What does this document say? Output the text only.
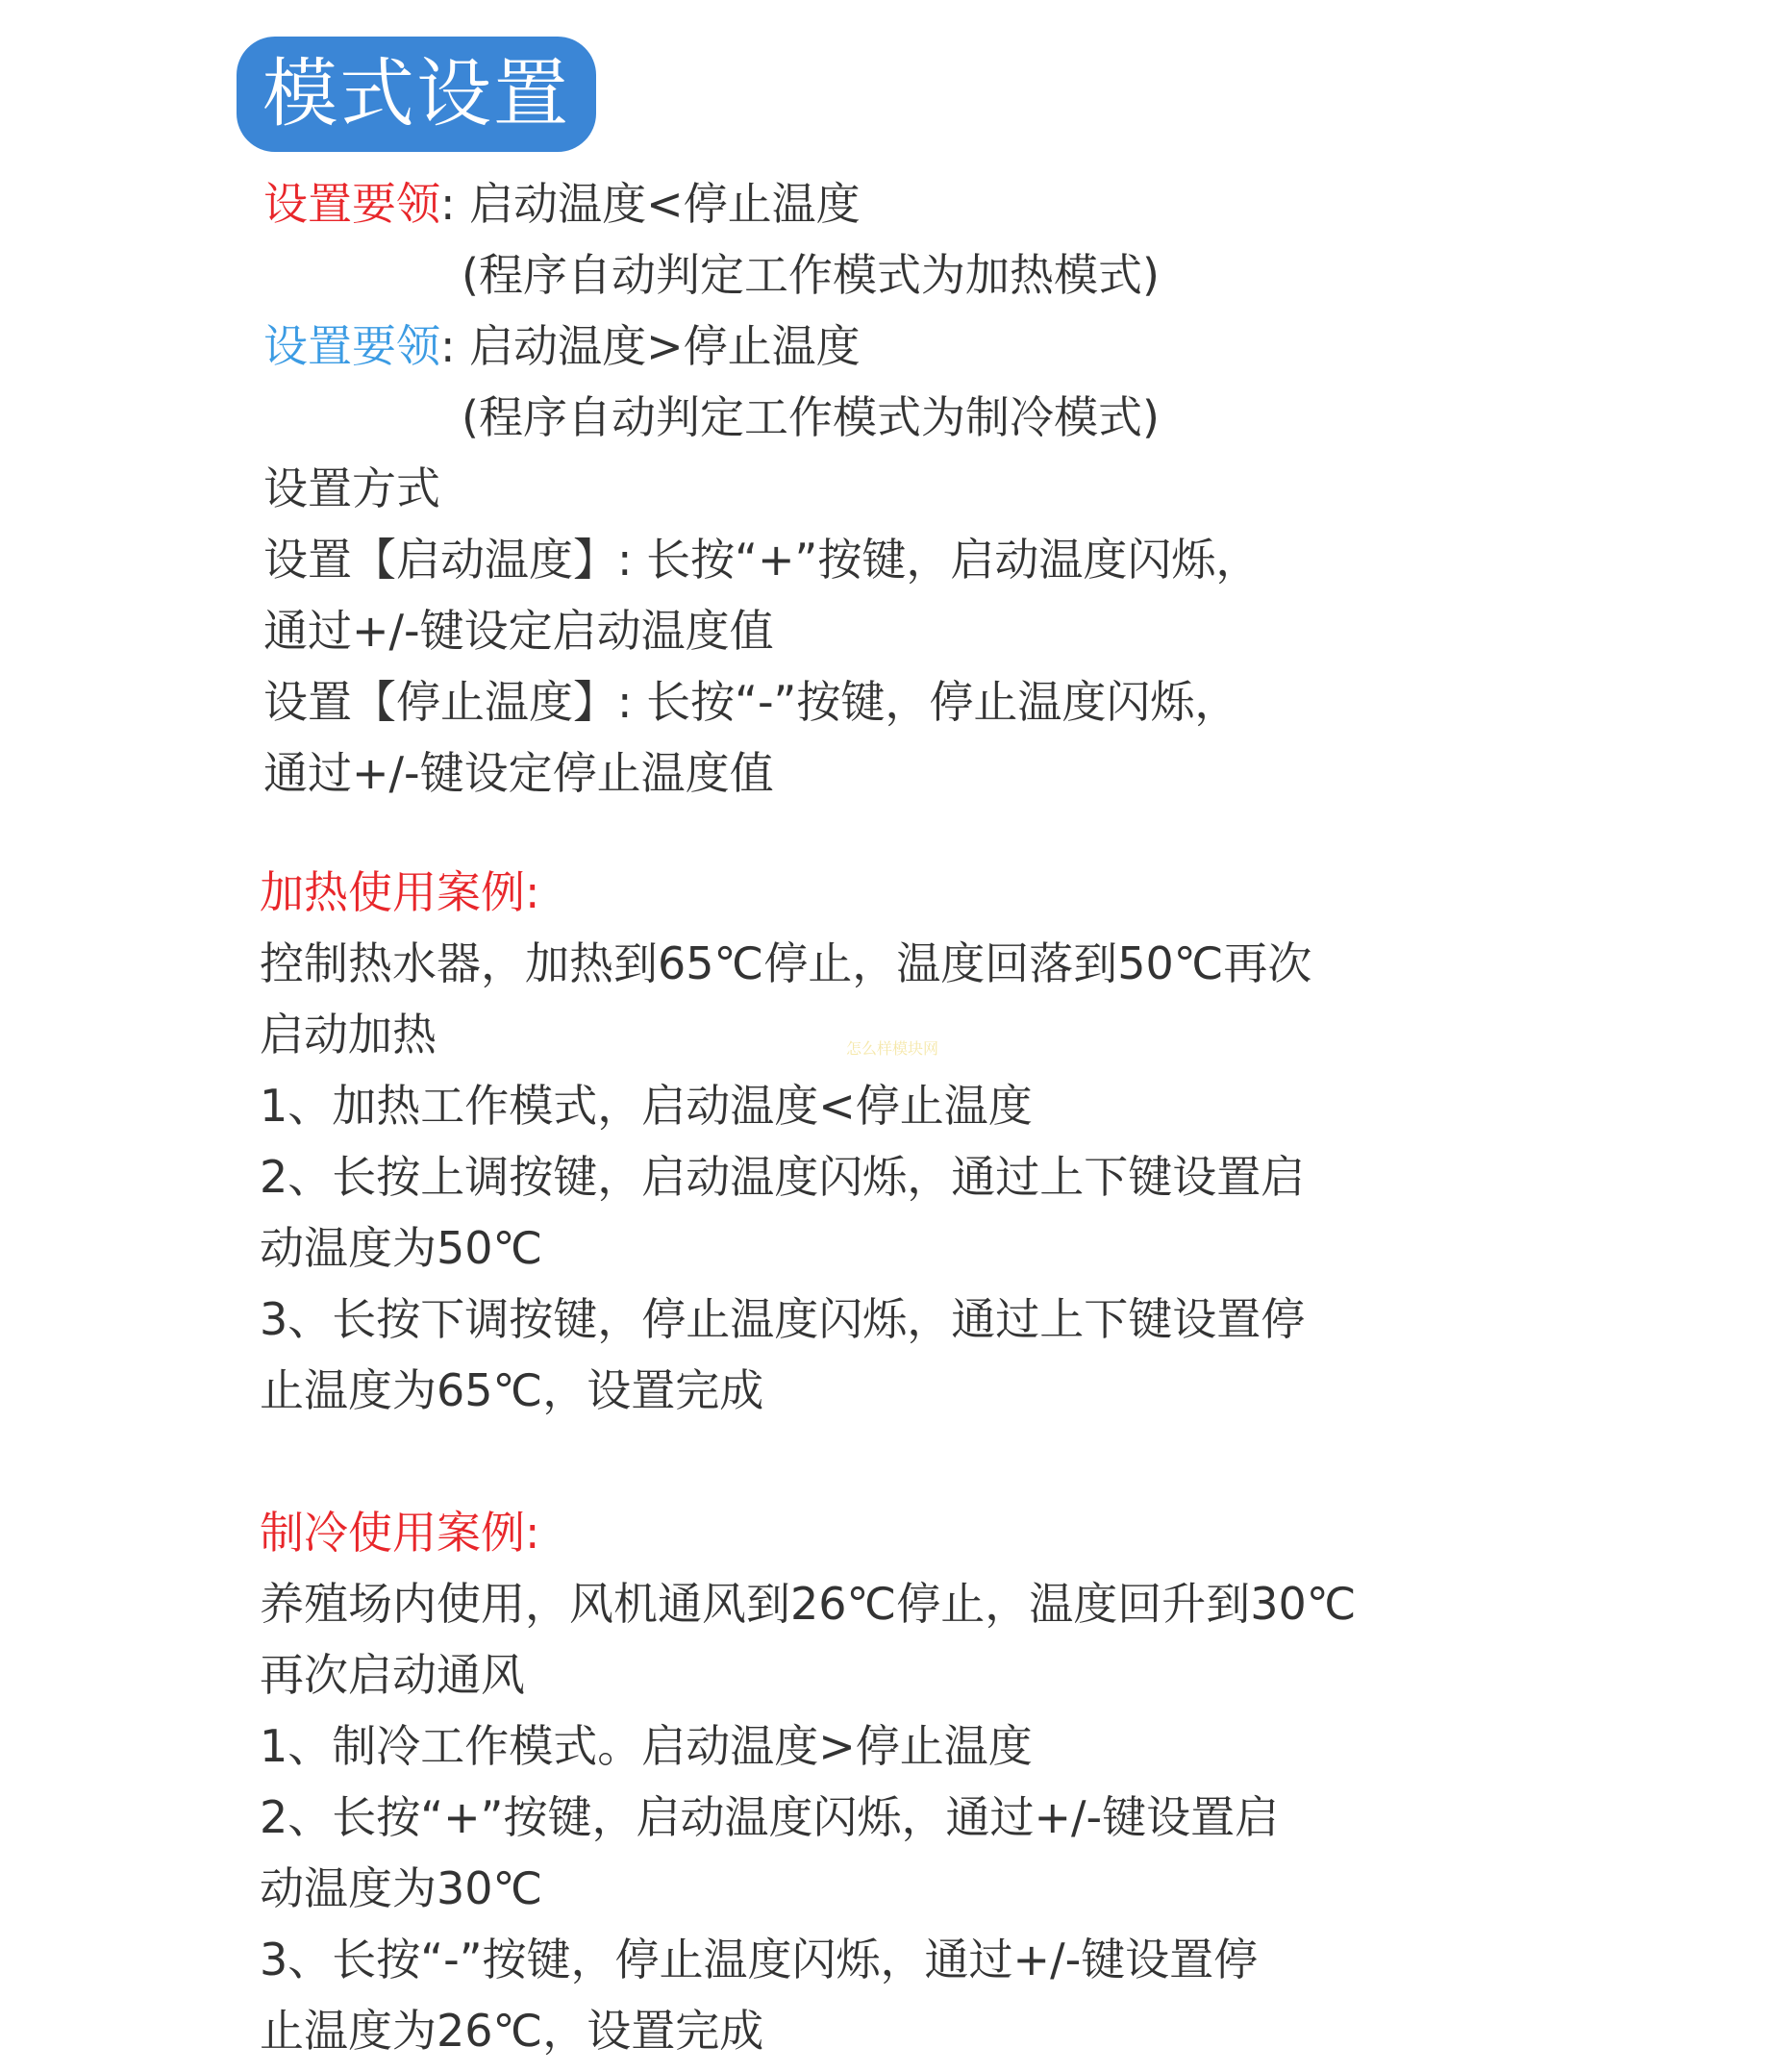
模式设置
设置要领: 启动温度<停止温度
(程序自动判定工作模式为加热模式)
设置要领: 启动温度>停止温度
(程序自动判定工作模式为制冷模式)
设置方式
设置【启动温度】: 长按“+”按键，启动温度闪烁，
通过+/-键设定启动温度值
设置【停止温度】: 长按“-”按键，停止温度闪烁，
通过+/-键设定停止温度值
加热使用案例:
控制热水器，加热到65℃停止，温度回落到50℃再次
启动加热
1、加热工作模式，启动温度<停止温度
2、长按上调按键，启动温度闪烁，通过上下键设置启
动温度为50℃
3、长按下调按键，停止温度闪烁，通过上下键设置停
止温度为65℃，设置完成
制冷使用案例:
养殖场内使用，风机通风到26℃停止，温度回升到30℃
再次启动通风
1、制冷工作模式。启动温度>停止温度
2、长按“+”按键，启动温度闪烁，通过+/-键设置启
动温度为30℃
3、长按“-”按键，停止温度闪烁，通过+/-键设置停
止温度为26℃，设置完成
怎么样模块网
